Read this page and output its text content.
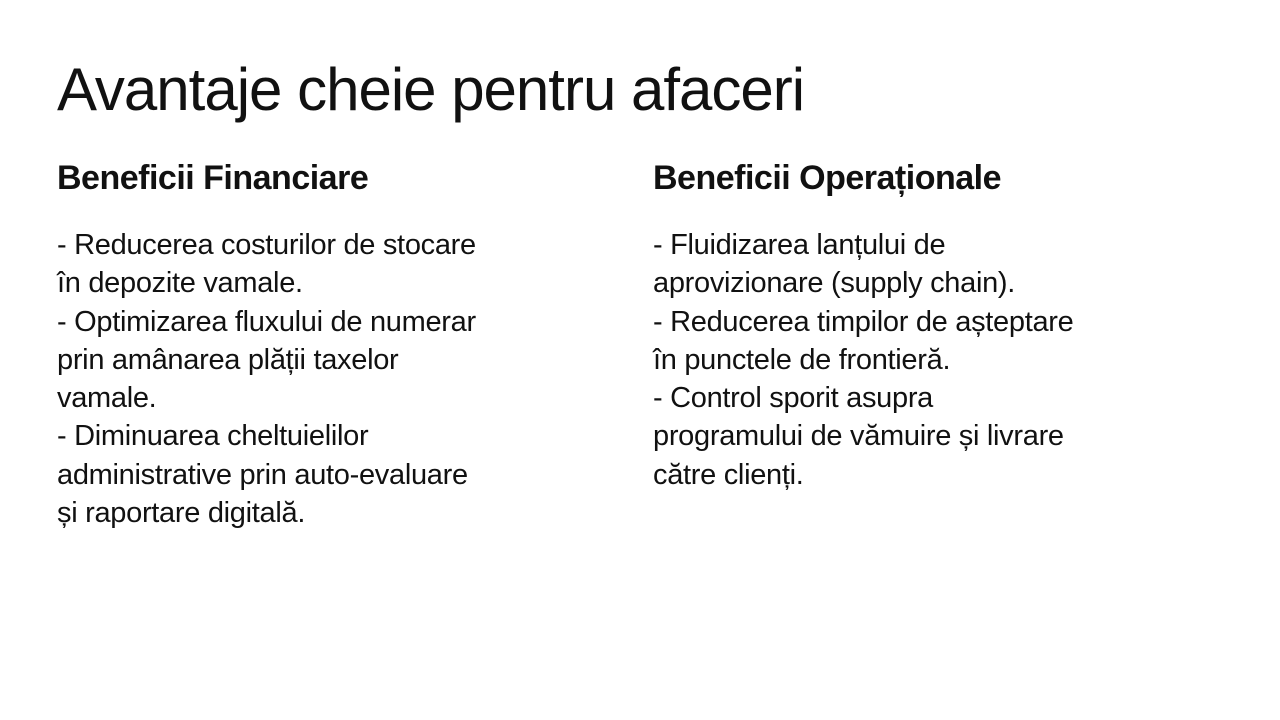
Avantaje cheie pentru afaceri
Beneficii Financiare
- Reducerea costurilor de stocare
în depozite vamale.
- Optimizarea fluxului de numerar
prin amânarea plății taxelor
vamale.
- Diminuarea cheltuielilor
administrative prin auto-evaluare
și raportare digitală.
Beneficii Operaționale
- Fluidizarea lanțului de
aprovizionare (supply chain).
- Reducerea timpilor de așteptare
în punctele de frontieră.
- Control sporit asupra
programului de vămuire și livrare
către clienți.
